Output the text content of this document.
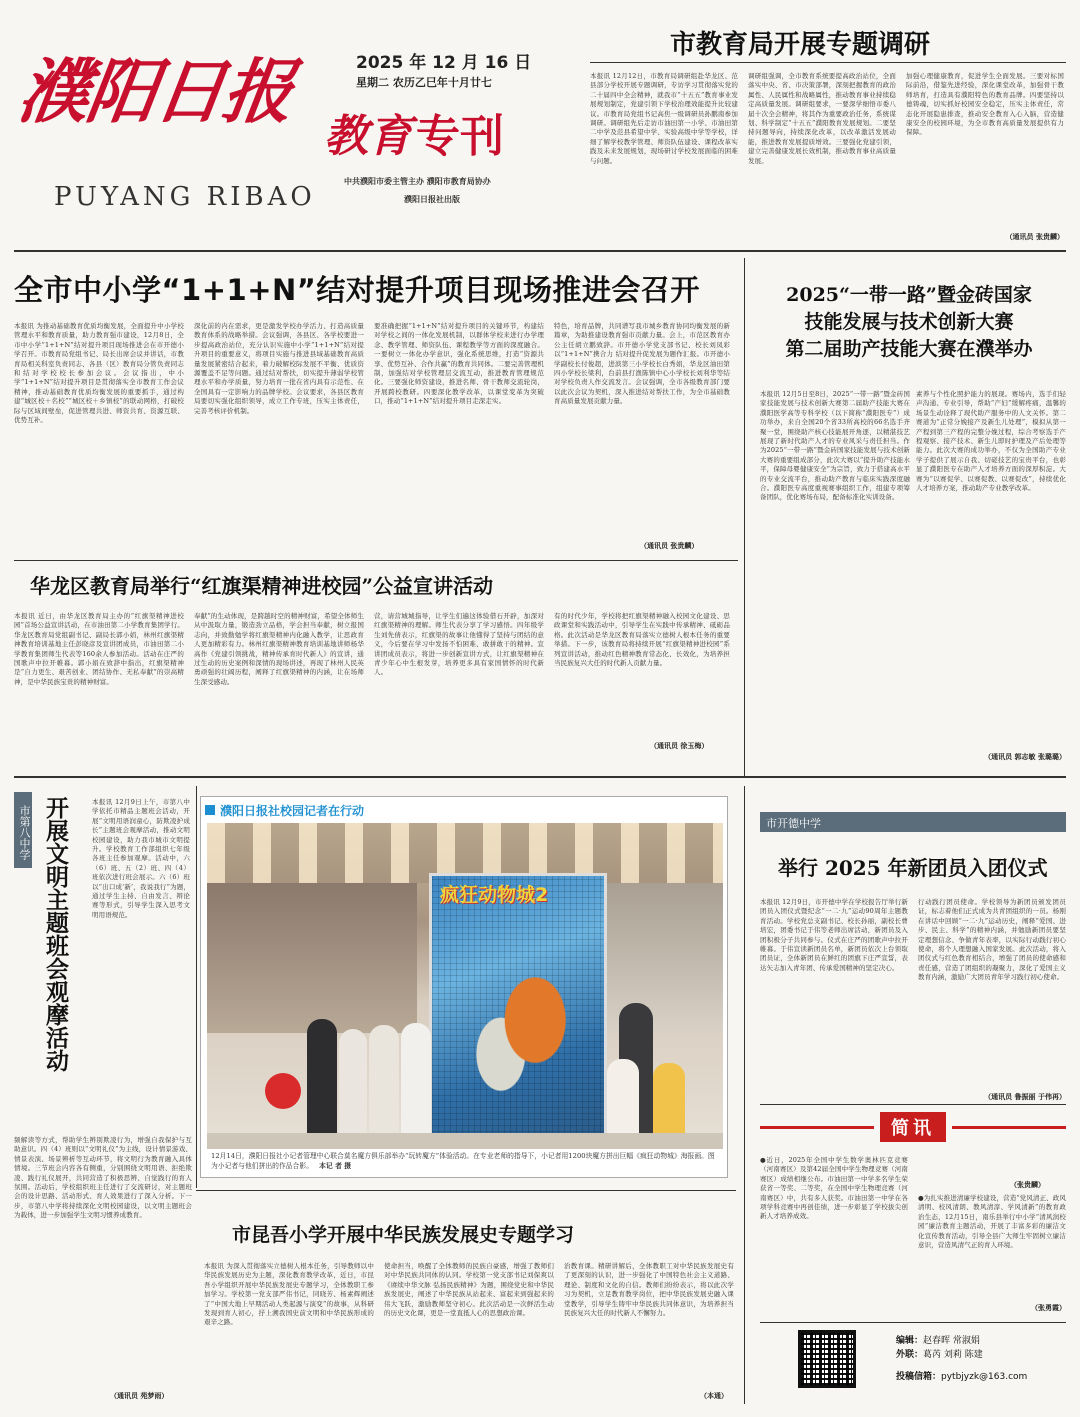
濮阳日报
PUYANG RIBAO
2025 年 12 月 16 日
星期二 农历乙巳年十月廿七
教育专刊
中共濮阳市委主管主办 濮阳市教育局协办
濮阳日报社出版
市教育局开展专题调研
本报讯 12月12日，市教育局调研组赴华龙区、范县部分学校开展专题调研，专访学习贯彻落实党的二十届四中全会精神，就我市“十五五”教育事业发展规划制定，党建引领下学校治理效能提升比较建议。市教育局党组书记高焦一级调研员孙鹏南参加调研。调研组先后走访市油田第一小学、市油田第二中学及范县希望中学、实验高级中学等学校，详细了解学校教学管理、师资队伍建设、课程改革实践及未来发展规划，现场研讨学校发展面临的困难与问题。
调研组强调，全市教育系统要提高政治站位，全面落实中央、省、市决策部署，深刻把握教育的政治属性、人民属性和战略属性，推动教育事业持续稳定高质量发展。调研组要求，一要深学细悟市委八届十次全会精神，将其作为重要政治任务，系统谋划、科学制定“十五五”濮阳教育发展规划。二要坚持问题导向，持续深化改革，以改革激活发展动能，推进教育发展提质增效。三要强化党建引领，建立完善健康发展长效机制，推动教育事业高质量发展。
加强心理健康教育，促进学生全面发展。三要对标国际前沿，借鉴先进经验，深化课堂改革，加强骨干教师培育，打造具有濮阳特色的教育品牌。四要坚持以德铸魂，切实抓好校园安全稳定，压实主体责任，常态化开展隐患排查，推动安全教育入心入脑，营造健康安全的校园环境，为全市教育高质量发展提供有力保障。
（通讯员 张贵麟）
全市中小学“1+1+N”结对提升项目现场推进会召开
本报讯 为推动基础教育优质均衡发展，全面提升中小学校管理水平和教育质量，助力教育强市建设，12月8日，全市中小学“1+1+N”结对提升项目现场推进会在市开德小学召开。市教育局党组书记、局长出席会议并讲话，市教育局相关科室负责同志、各县（区）教育局分管负责同志和结对学校校长参加会议。会议指出，中小学“1+1+N”结对提升项目是贯彻落实全市教育工作会议精神，推动基础教育优质均衡发展的重要抓手，通过构建“城区校＋名校”“城区校＋乡镇校”的联动网格，打破校际与区域间壁垒，促进管理共进、师资共育、资源互联、优势互补。
深化前的内在需求，更是激发学校办学活力、打造高质量教育体系的战略举措。会议强调，各县区、各学校要进一步提高政治站位，充分认识实施中小学“1+1+N”结对提升项目的重要意义，将项目实施与推进县域基础教育高质量发展紧密结合起来，着力破解校际发展不平衡、优质资源覆盖不足等问题。通过结对帮扶，切实提升薄弱学校管理水平和办学质量，努力培育一批在省内具有示范性、在全国具有一定影响力的品牌学校。会议要求，各县区教育局要切实强化组织领导，成立工作专班，压实主体责任，完善考核评价机制。
要准确把握“1+1+N”结对提升项目的关键环节，构建结对学校之间的一体化发展机制，以群体学校来进行办学理念、教学管理、师资队伍、课程教学等方面的深度融合。一要树立一体化办学意识，强化系统思维，打造“资源共享、优势互补、合作共赢”的教育共同体。二要完善管理机制，加强结对学校管理层交流互动，推进教育管理规范化。三要强化师资建设，推进名师、骨干教师交流轮岗，开展跨校教研。四要深化教学改革，以课堂变革为突破口，推动“1+1+N”结对提升项目走深走实。
特色，培育品牌，共同谱写我市城乡教育协同均衡发展的新篇章，为助推建设教育强市贡献力量。会上，市范区教育办公主任胡立鹏致辞。市开德小学党支部书记、校长刘凤彩以“1+1+N”携合力 结对提升促发展为题作汇报。市开德小学副校长付俊超，进滨第三小学校长白秀娟，华龙区油田第四小学校长梁利，台前县打渔陈镇中心小学校长刘利华等结对学校负责人作交流发言。会议强调，全市各级教育部门要以此次会议为契机，深入推进结对帮扶工作，为全市基础教育高质量发展贡献力量。
（通讯员 张贵麟）
2025“一带一路”暨金砖国家
技能发展与技术创新大赛
第二届助产技能大赛在濮举办
本报讯 12月5日至8日，2025“一带一路”暨金砖国家技能发展与技术创新大赛第二届助产技能大赛在濮阳医学高等专科学校（以下简称“濮阳医专”）成功举办，来自全国20个省33所高校的66名选手齐聚一堂，围绕助产核心技能展开角逐，以精湛技艺展现了新时代助产人才的专业风采与责任担当。作为2025“一带一路”暨金砖国家技能发展与技术创新大赛的重要组成部分，此次大赛以“提升助产技能水平，保障母婴健康安全”为宗旨，致力于搭建高水平的专业交流平台，推动助产教育与临床实践深度融合。濮阳医专高度重视赛事组织工作，组建专项筹备团队，优化赛场布局，配备标准化实训设备。
素养与个性化照护能力的展现。赛场内，选手们轻声沟通、专业引导，帮助“产妇”缓解疼痛，温馨的场景生动诠释了现代助产服务中的人文关怀。第二赛道为“正常分娩接产及新生儿处理”，模拟从第一产程到第三产程的完整分娩过程，综合考察选手产程观察、接产技术、新生儿即时护理及产后处理等能力。此次大赛的成功举办，不仅为全国助产专业学子提供了展示自我、切磋技艺的宝贵平台，也彰显了濮阳医专在助产人才培养方面的深厚积淀。大赛为“以赛促学、以赛促教、以赛促改”，持续优化人才培养方案，推动助产专业教学改革。
（通讯员 郭志敏 张璐璐）
华龙区教育局举行“红旗渠精神进校园”公益宣讲活动
本报讯 近日，由华龙区教育局主办的“红旗渠精神进校园”首场公益宣讲活动，在市油田第二小学教育集团学行。华龙区教育局党组副书记、副局长郭小娟，林州红旗渠精神教育培训基地主任彭晓彦及宣讲团成员，市油田第二小学教育集团师生代表等160余人参加活动。活动在庄严的国歌声中拉开帷幕。郭小娟在致辞中指出，红旗渠精神是“自力更生、艰苦创业、团结协作、无私奉献”的崇高精神，是中华民族宝贵的精神财富。
奉献”的生动体现，是跨越时空的精神财富，希望全体师生从中汲取力量，锻造劲立品格，学会担当奉献，树立报国志向，并致勤勉学将红旗渠精神内化融入教学，让思政育人更加精彩有力。林州红旗渠精神教育培训基地讲师杨华高作《党建引领挑战，精神传承育时代新人》的宣讲，通过生动的历史案例和深情的现场讲述，再现了林州人民英勇顽强的壮阔历程，阐释了红旗渠精神的内涵，让在场师生深受感动。
营，请营城城指导，让学生们遍这体验借石开辟，加深对红旗渠精神的理解。师生代表分享了学习感悟。四年级学生刘先倩表示，红旗渠的故事让他懂得了坚持与团结的意义，今后要在学习中发扬不怕困难、敢拼敢干的精神。宣讲团成员表示，将进一步创新宣讲方式，让红旗渠精神在青少年心中生根发芽，培养更多具有家国情怀的时代新人。
有的时代少年，学校将把红旗渠精神融入校园文化建设、思政课堂和实践活动中，引导学生在实践中传承精神、砥砺品格。此次活动是华龙区教育局落实立德树人根本任务的重要举措。下一步，该教育局将持续开展“红旗渠精神进校园”系列宣讲活动，推动红色精神教育常态化、长效化，为培养担当民族复兴大任的时代新人贡献力量。
（通讯员 徐玉梅）
市第八中学 开展文明主题班会观摩活动	本报讯 12月9日上午，市第八中学依托市精品主题班会活动，开展“文明用语润童心，防欺凌护成长”主题班会观摩活动，推动文明校园建设，助力我市城市文明提升。学校教育工作部组织七年级各班主任参加观摩。活动中，六（6）班、五（2）班、四（4）班依次进行班会展示。六（6）班以“出口成‘新’，我说我行”为题，通过学生主持、自由发言、辩论赛等形式，引导学生深入思考文明用语规范。
频解读等方式，帮助学生辨别欺凌行为，增强自我保护与互助意识。四（4）班则以“文明礼仪”为主线，设计情景游戏、情景表演、场景辨析等互动环节，将文明行为教育融入具体情境。三节班会内容各有侧重，分别围绕文明用语、拒绝欺凌、践行礼仪展开，共同营造了积极思辨、自觉践行的育人氛围。活动后，学校组织班主任进行了交流研讨，对主题班会的设计思路、活动形式、育人效果进行了深入分析。下一步，市第八中学将持续深化文明校园建设，以文明主题班会为载体，进一步加强学生文明习惯养成教育。
（通讯员 苑梦雨）
濮阳日报社校园记者在行动
疯狂动物城2
12月14日，濮阳日报社小记者管理中心联合莫名魔方俱乐部举办“玩转魔方”体验活动。在专业老师的指导下，小记者用1200块魔方拼出巨幅《疯狂动物城》海报画。图为小记者与他们拼出的作品合影。 本记 者 摄
市昆吾小学开展中华民族发展史专题学习
本报讯 为深入贯彻落实立德树人根本任务，引导教师以中华民族发展历史为主题，深化教育教学改革，近日，市昆吾小学组织开展中华民族发展史专题学习，全体教职工参加学习。学校第一党支部严伟书记，同晓芳、杨素辉阐述了“中国大地上早期活动人类起源与演变”的故事，从科研发现到育人初心，抒上溯我国史前文明和中华民族形成的艰辛之路。
使命担当，唤醒了全体教师的民族自豪感，增强了教师们对中华民族共同体的认同。学校第一党支部书记刘保爽以《赓续中华文脉 弘扬民族精神》为题，围绕党史和中华民族发展史，阐述了中华民族从站起来、富起来到强起来的伟大飞跃，激励教师坚守初心。此次活动是一次鲜活生动的历史文化课，更是一堂直抵人心的思想政治课。
治教育课。精研讲解后，全体教职工对中华民族发展史有了更深刻的认识，进一步强化了中国特色社会主义道路、理论、制度和文化的自信。教师们纷纷表示，将以此次学习为契机，立足教育教学岗位，把中华民族发展史融入课堂教学，引导学生铸牢中华民族共同体意识，为培养担当民族复兴大任的时代新人不懈努力。
（本通）
市开德中学
举行 2025 年新团员入团仪式
本报讯 12月9日，市开德中学在学校报告厅举行新团员入团仪式暨纪念“一二·九”运动90周年主题教育活动。学校党总支副书记、校长孙丽，副校长曹培宏，团委书记于伟等老师出席活动，新团员及入团积极分子共同参与。仪式在庄严的团歌声中拉开帷幕。于伟宣读新团员名单，新团员依次上台领取团员证，全体新团员在鲜红的团旗下庄严宣誓，表达矢志加入青年团、传承爱国精神的坚定决心。
行动践行团员使命。学校领导为新团员颁发团员证，标志着他们正式成为共青团组织的一员。杨刚在讲话中回顾“一二·九”运动历史，阐释“爱国、进步、民主、科学”的精神内涵，并勉励新团员要坚定理想信念、争做青年表率，以实际行动践行初心使命，将个人理想融入国家发展。此次活动，将入团仪式与红色教育相结合，增强了团员的使命感和责任感，营造了团组织的凝聚力，深化了爱国主义教育内涵，激励广大团员青年学习践行初心使命。
（通讯员 鲁振丽 于伟再）
简讯
●近日，2025年全国中学生数学奥林匹克竞赛（河南赛区）及第42届全国中学生物理竞赛（河南赛区）成绩相继公布。市油田第一中学多名学生荣获省一等奖、二等奖，在全国中学生物理竞赛（河南赛区）中，共有多人获奖。市油田第一中学在各项学科竞赛中再创佳绩，进一步彰显了学校拔尖创新人才培养成效。
（张贵麟）
●为扎实推进清廉学校建设，营造“党风清正、政风清明、校风清朗、教风清淳、学风清新”的教育政治生态，12月15日，南乐县举行中小学“清风润校园”廉洁教育主题活动，开展了丰富多彩的廉洁文化宣传教育活动，引导全县广大师生牢固树立廉洁意识，营造风清气正的育人环境。
（张勇霞）
编辑：赵春晖 常淑娟
外联：葛芮 刘莉 陈建
投稿信箱：pytbjyzk@163.com
